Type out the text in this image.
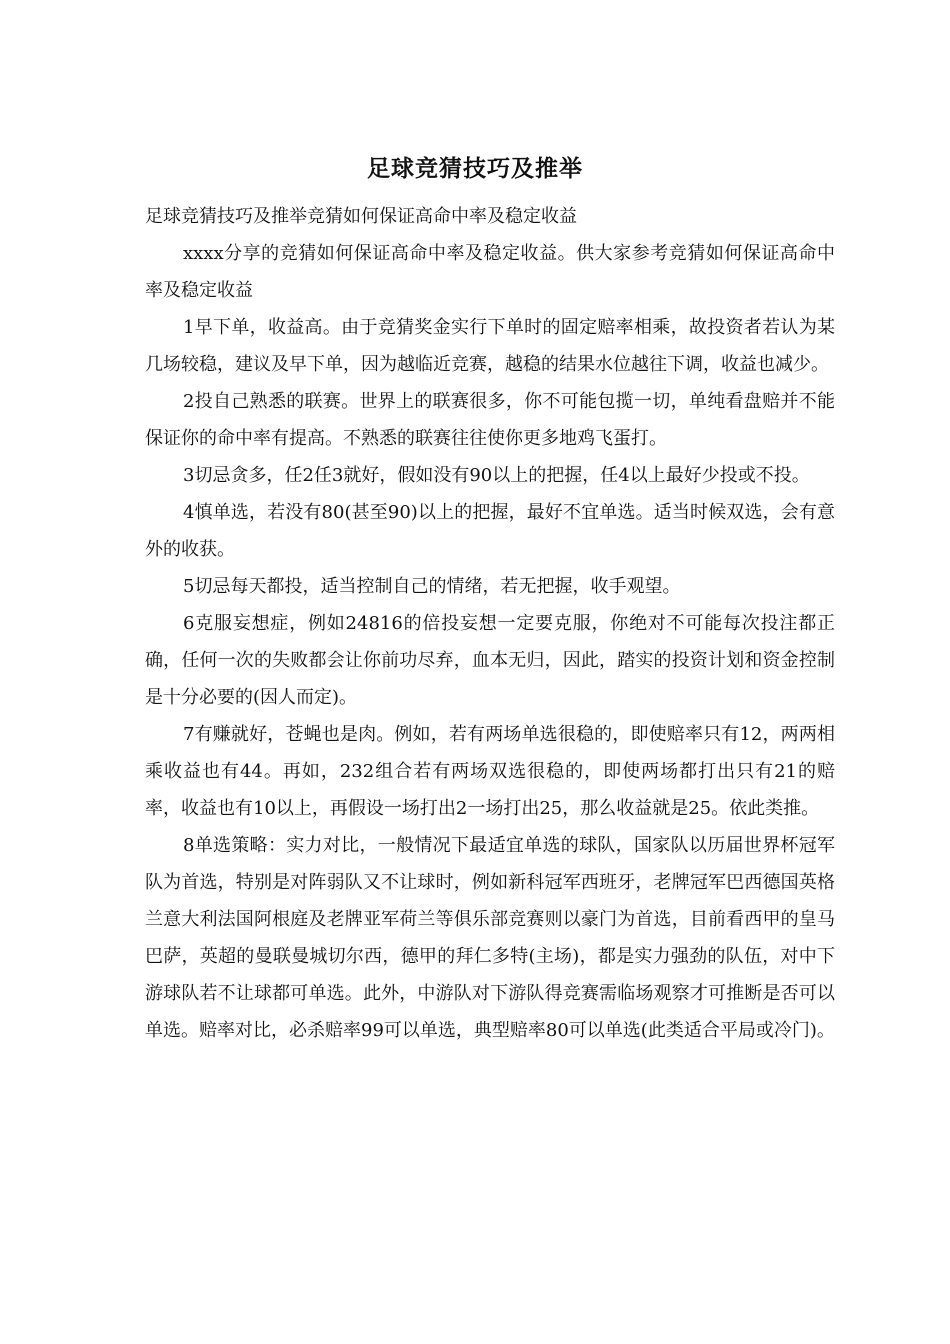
足球竞猜技巧及推举

足球竞猜技巧及推举竞猜如何保证高命中率及稳定收益

xxxx分享的竞猜如何保证高命中率及稳定收益。供大家参考竞猜如何保证高命中率及稳定收益

1早下单，收益高。由于竞猜奖金实行下单时的固定赔率相乘，故投资者若认为某几场较稳，建议及早下单，因为越临近竞赛，越稳的结果水位越往下调，收益也减少。

2投自己熟悉的联赛。世界上的联赛很多，你不可能包揽一切，单纯看盘赔并不能保证你的命中率有提高。不熟悉的联赛往往使你更多地鸡飞蛋打。

3切忌贪多，任2任3就好，假如没有90以上的把握，任4以上最好少投或不投。

4慎单选，若没有80(甚至90)以上的把握，最好不宜单选。适当时候双选，会有意外的收获。

5切忌每天都投，适当控制自己的情绪，若无把握，收手观望。

6克服妄想症，例如24816的倍投妄想一定要克服，你绝对不可能每次投注都正确，任何一次的失败都会让你前功尽弃，血本无归，因此，踏实的投资计划和资金控制是十分必要的(因人而定)。

7有赚就好，苍蝇也是肉。例如，若有两场单选很稳的，即使赔率只有12，两两相乘收益也有44。再如，232组合若有两场双选很稳的，即使两场都打出只有21的赔率，收益也有10以上，再假设一场打出2一场打出25，那么收益就是25。依此类推。

8单选策略：实力对比，一般情况下最适宜单选的球队，国家队以历届世界杯冠军队为首选，特别是对阵弱队又不让球时，例如新科冠军西班牙，老牌冠军巴西德国英格兰意大利法国阿根庭及老牌亚军荷兰等俱乐部竞赛则以豪门为首选，目前看西甲的皇马巴萨，英超的曼联曼城切尔西，德甲的拜仁多特(主场)，都是实力强劲的队伍，对中下游球队若不让球都可单选。此外，中游队对下游队得竞赛需临场观察才可推断是否可以单选。赔率对比，必杀赔率99可以单选，典型赔率80可以单选(此类适合平局或冷门)。
